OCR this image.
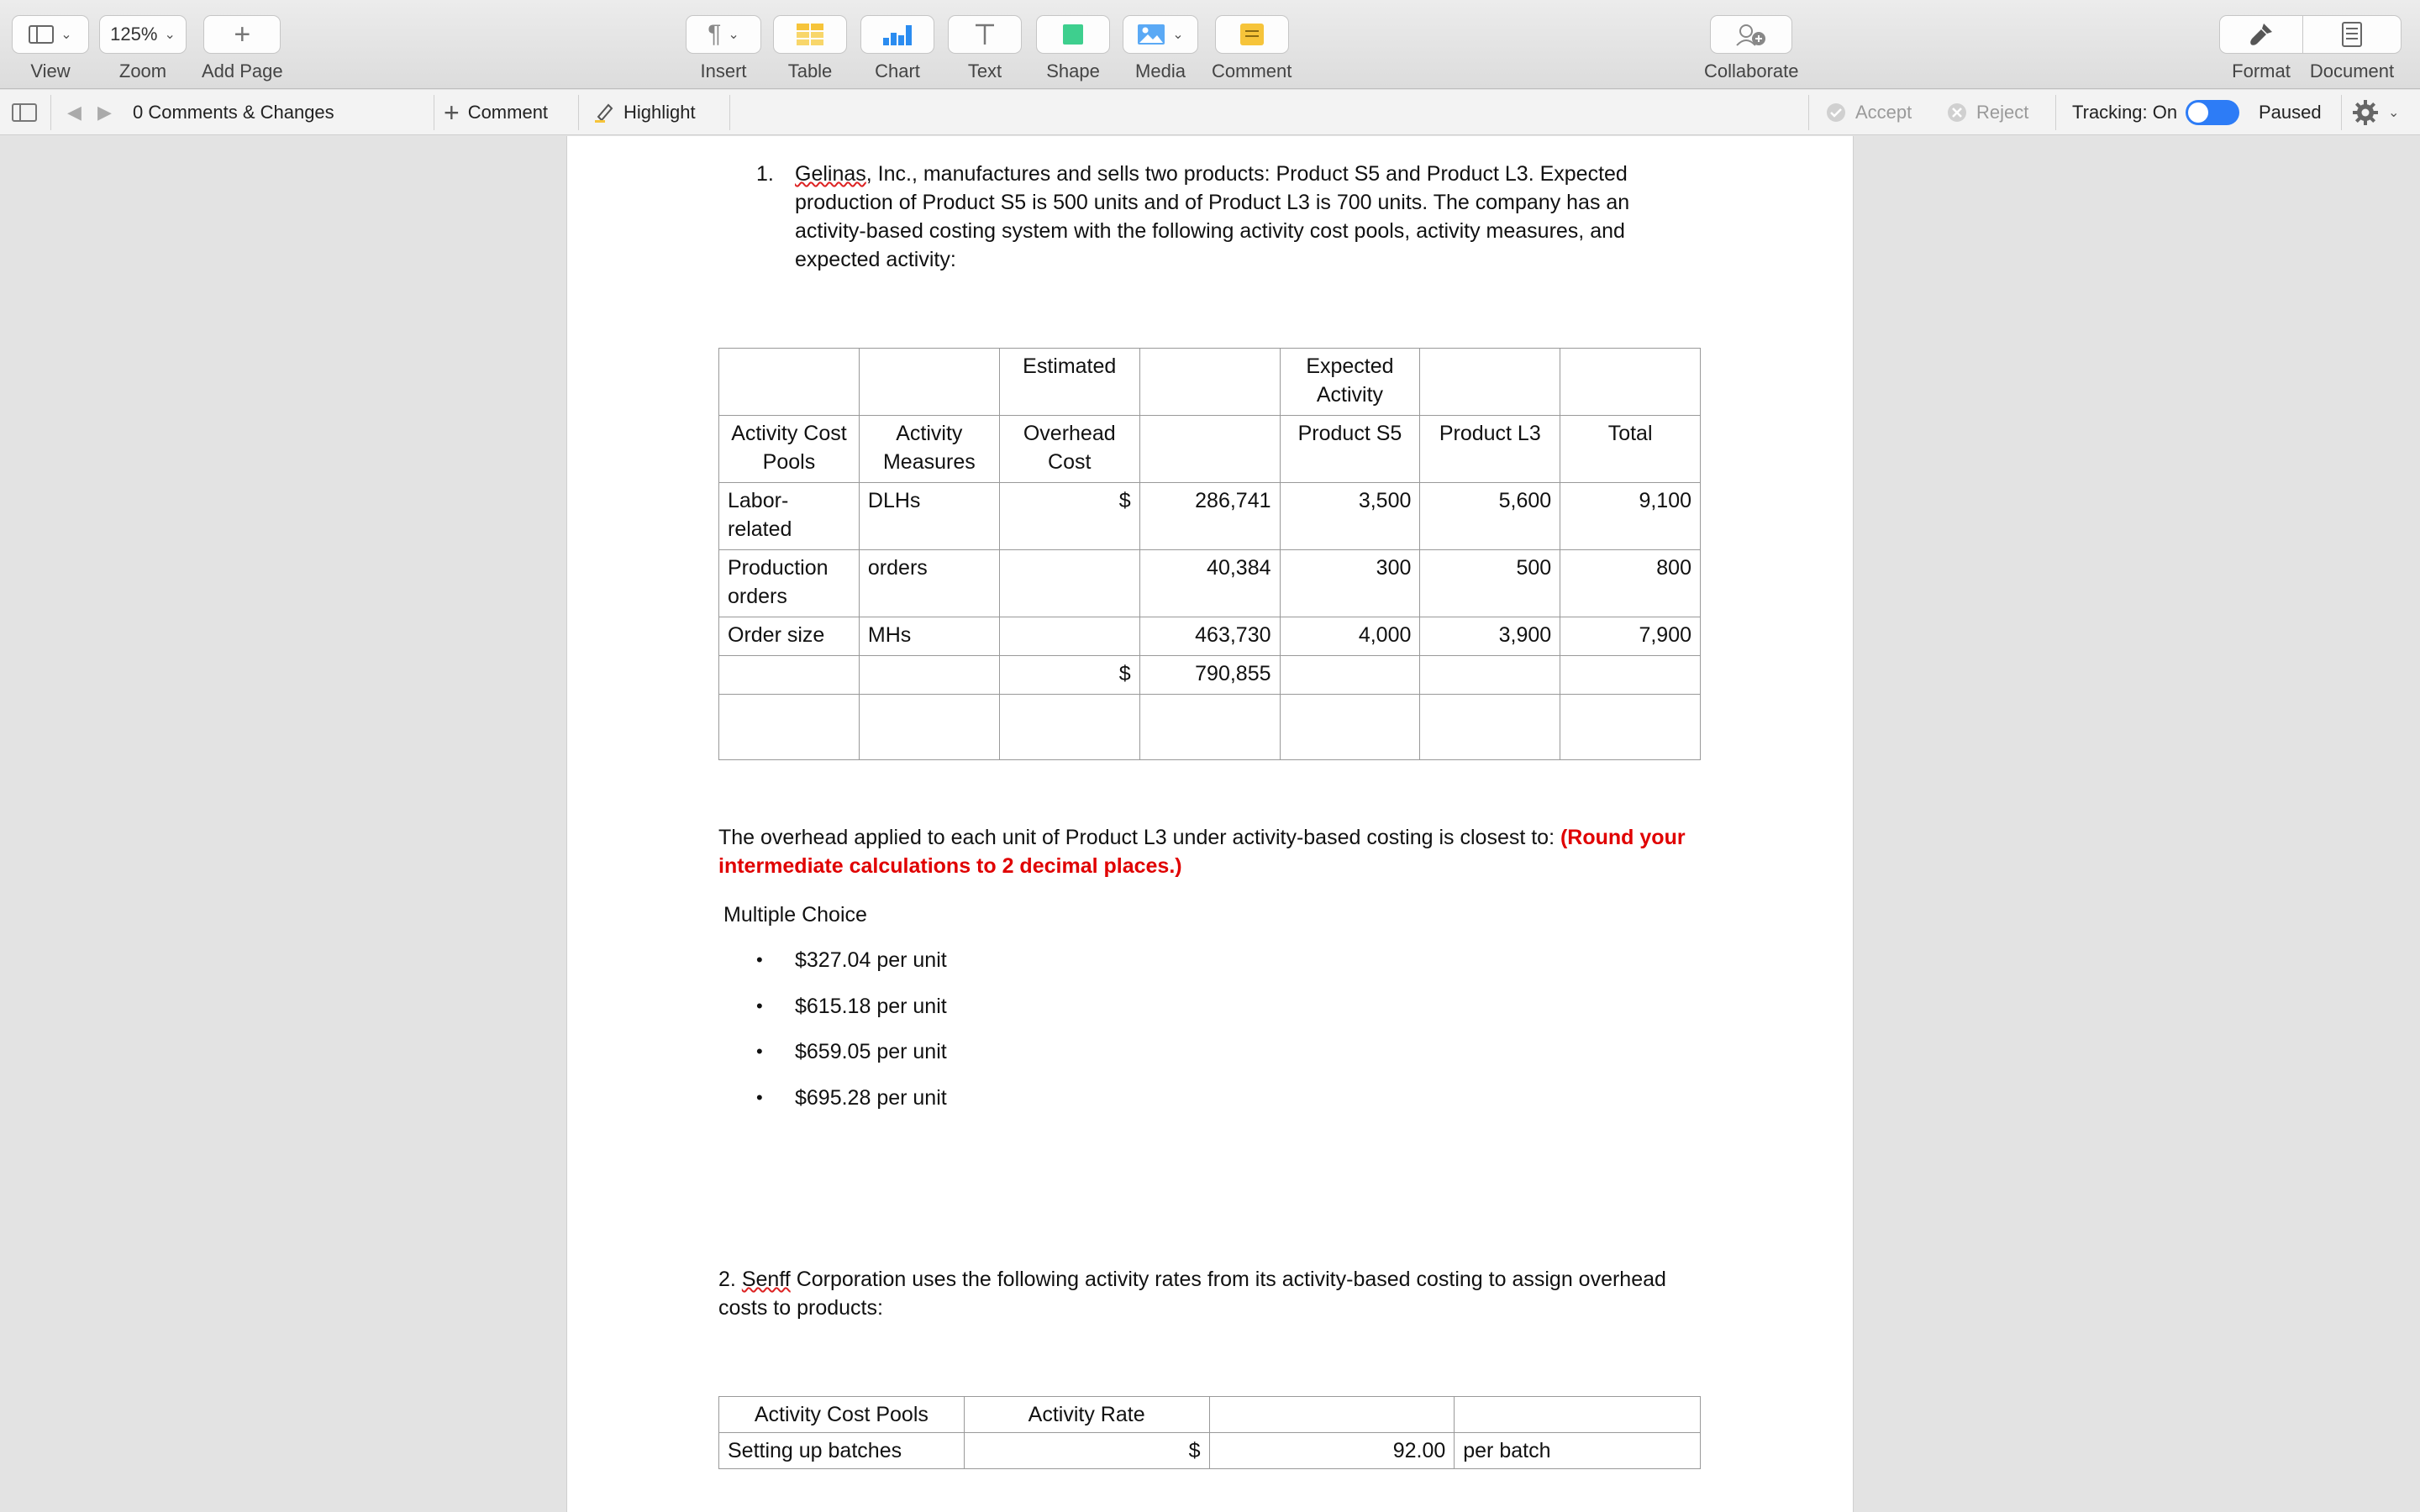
⌄
View
125% ⌄
Zoom
+
Add Page
¶ ⌄
Insert Table Chart	Text Shape
⌄
Media Comment	Collaborate	Format Document
◀ ▶ 0 Comments & Changes	+ Comment	Highlight	Accept	Reject Tracking: On	Paused	⌄
1.	Gelinas, Inc., manufactures and sells two products: Product S5 and Product L3. Expected production of Product S5 is 500 units and of Product L3 is 700 units. The company has an activity-based costing system with the following activity cost pools, activity measures, and expected activity:
		Estimated		Expected Activity		
Activity Cost Pools	Activity Measures	Overhead Cost		Product S5	Product L3	Total
Labor-related	DLHs	$	286,741	3,500	5,600	9,100
Production orders	orders		40,384	300	500	800
Order size	MHs		463,730	4,000	3,900	7,900
		$	790,855			

The overhead applied to each unit of Product L3 under activity-based costing is closest to: (Round your intermediate calculations to 2 decimal places.)
Multiple Choice
•	$327.04 per unit
•	$615.18 per unit
•	$659.05 per unit
•	$695.28 per unit
2. Senff Corporation uses the following activity rates from its activity-based costing to assign overhead costs to products:
Activity Cost Pools	Activity Rate		
Setting up batches	$	92.00	per batch
